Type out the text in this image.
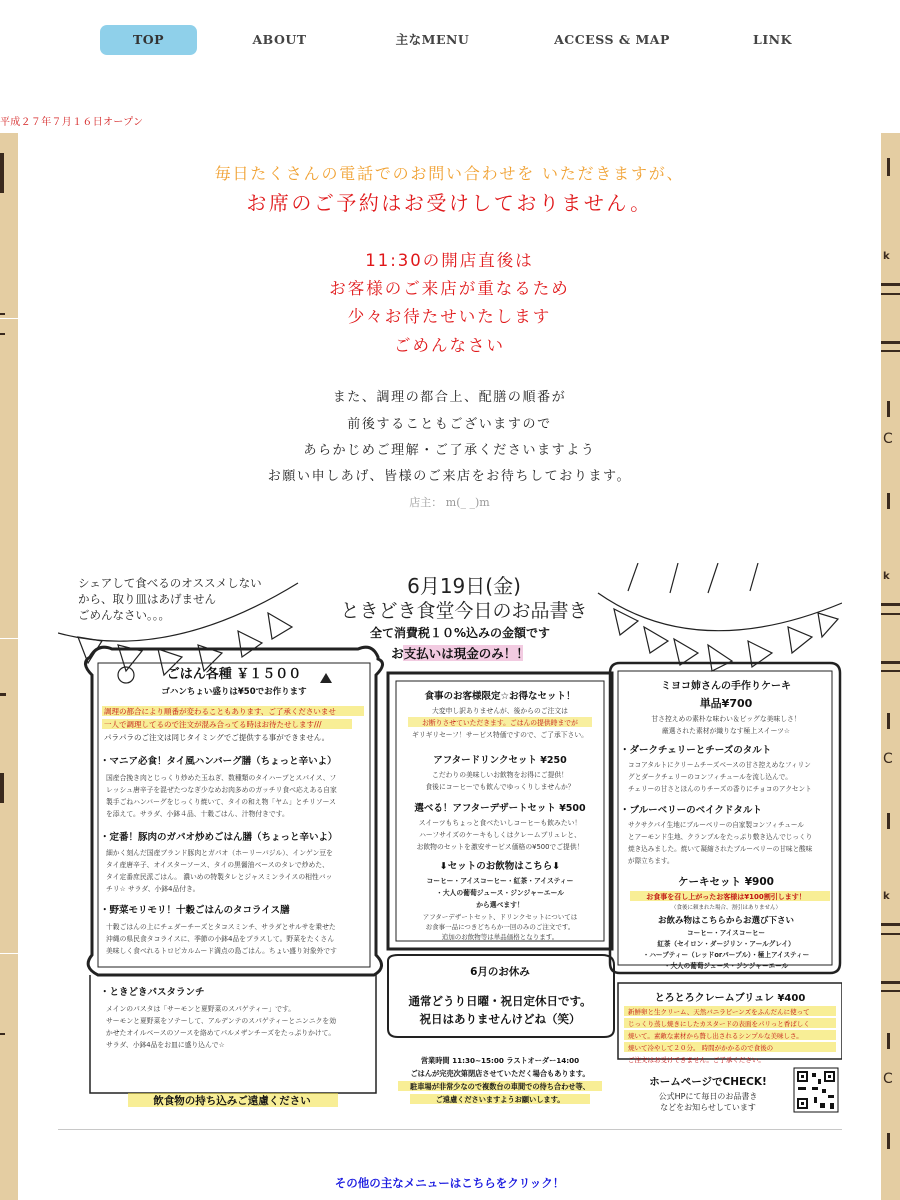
TOP	ABOUT	主なMENU	ACCESS & MAP	LINK
平成２７年７月１６日オープン
k
C
k
C
k
C
毎日たくさんの電話でのお問い合わせを いただきますが、
お席のご予約はお受けしておりません。
11:30の開店直後は
お客様のご来店が重なるため
少々お待たせいたします
ごめんなさい
また、調理の都合上、配膳の順番が
前後することもございますので
あらかじめご理解・ご了承くださいますよう
お願い申しあげ、皆様のご来店をお待ちしております。
店主： m(_ _)m
シェアして食べるのオススメしない
から、取り皿はあげません
ごめんなさい。。。
6月19日(金)
ときどき食堂今日のお品書き
全て消費税１０%込みの金額です
お支払いは現金のみ！！
ごはん各種 ￥１５００
ゴハンちょい盛りは¥50でお作ります
調理の都合により順番が変わることもあります、ご了承くださいませ
一人で調理してるので注文が混み合ってる時はお待たせします///
パラパラのご注文は同じタイミングでご提供する事ができません。
・マニア必食！タイ風ハンバーグ膳（ちょっと辛いよ）
国産合挽き肉とじっくり炒めた玉ねぎ、数種類のタイハーブとスパイス、フ
レッシュ唐辛子を混ぜたつなぎ少なめお肉多めのガッチリ食べ応えある自家
製手ごねハンバーグをじっくり焼いて、タイの和え物「ヤム」とチリソース
を添えて。サラダ、小鉢４品、十穀ごはん、汁物付きです。
・定番！豚肉のガパオ炒めごはん膳（ちょっと辛いよ）
細かく刻んだ国産ブランド豚肉とガパオ（ホーリーバジル）、インゲン豆を
タイ産唐辛子、オイスターソース、タイの黒醤油ベースのタレで炒めた、
タイ定番庶民派ごはん。 濃いめの特製タレとジャスミンライスの相性バッ
チリ☆ サラダ、小鉢4品付き。
・野菜モリモリ！十穀ごはんのタコライス膳
十穀ごはんの上にチェダーチーズとタコスミンチ、サラダとサルサを乗せた
沖縄の県民食タコライスに、季節の小鉢4品をプラスして。野菜をたくさん
美味しく食べれるトロピカルムード満点の島ごはん。ちょい盛り対象外です
・ときどきパスタランチ
メインのパスタは「サーモンと夏野菜のスパゲティー」です。
サーモンと夏野菜をソテーして、アルデンテのスパゲティーとニンニクを効
かせたオイルベースのソースを絡めてパルメザンチーズをたっぷりかけて。
サラダ、小鉢4品をお皿に盛り込んで☆
飲食物の持ち込みご遠慮ください
食事のお客様限定☆お得なセット！
大変申し訳ありませんが、後からのご注文は
お断りさせていただきます。ごはんの提供時までが
ギリギリセーフ！サービス特価ですので、ご了承下さい。
アフタードリンクセット ¥250
こだわりの美味しいお飲物をお得にご提供！
食後にコーヒーでも飲んでゆっくりしませんか？
選べる！アフターデザートセット ¥500
スイーツもちょっと食べたいしコーヒーも飲みたい！
ハーフサイズのケーキもしくはクレームブリュレと、
お飲物のセットを激安サービス価格の¥500でご提供！
⬇セットのお飲物はこちら⬇
コーヒー・アイスコーヒー・紅茶・アイスティー
・大人の葡萄ジュース・ジンジャーエール
から選べます！
アフターデザートセット、ドリンクセットについては
お食事一品につきどちらか一回のみのご注文です。
追加のお飲物等は単品価格となります。
6月のお休み
通常どうり日曜・祝日定休日です。
祝日はありませんけどね（笑）
営業時間 11:30~15:00 ラストオーダー14:00
ごはんが完売次第閉店させていただく場合もあります。
駐車場が非常少なので複数台の車間での待ち合わせ等、
ご遠慮くださいますようお願いします。
ミヨコ姉さんの手作りケーキ
単品¥700
甘さ控えめの素朴な味わい＆ビッグな美味しさ！
厳選された素材が織りなす極上スイーツ☆
・ダークチェリーとチーズのタルト
ココアタルトにクリームチーズベースの甘さ控えめなフィリン
グとダークチェリーのコンフィチュールを流し込んで。
チェリーの甘さとほんのりチーズの香りにチョコのアクセント
・ブルーベリーのベイクドタルト
サクサクパイ生地にブルーベリーの自家製コンフィチュール
とアーモンド生地、クランブルをたっぷり敷き込んでじっくり
焼き込みました。焼いて凝縮されたブルーベリーの甘味と酸味
が際立ちます。
ケーキセット ¥900
お食事を召し上がったお客様は¥100割引します！
（食後に頼まれた場合、割引はありません）
お飲み物はこちらからお選び下さい
コーヒー・アイスコーヒー
紅茶（セイロン・ダージリン・アールグレイ）
・ハーブティー（レッドorパープル）・極上アイスティー
・大人の葡萄ジュース・ジンジャーエール
とろとろクレームブリュレ ¥400
新鮮卵と生クリーム、天然バニラビーンズをふんだんに使って
じっくり蒸し焼きにしたカスタードの表面をパリっと香ばしく
焼いて。素敵な素材から贅し出されるシンプルな美味しさ。
焼いて冷やして２０分。 時間がかかるので食後の
ご注文はお受けできません。ご了承ください。
ホームページでCHECK!
公式HPにて毎日のお品書き
などをお知らせしています
その他の主なメニューはこちらをクリック！
